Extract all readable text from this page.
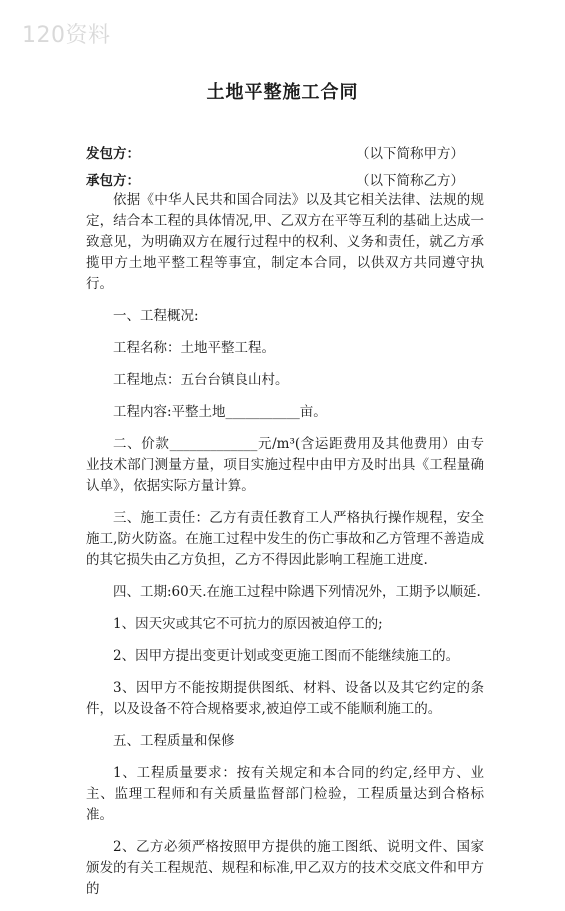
120资料
土地平整施工合同
发包方：	（以下简称甲方）
承包方：	（以下简称乙方）

依据《中华人民共和国合同法》以及其它相关法律、法规的规定，结合本工程的具体情况,甲、乙双方在平等互利的基础上达成一致意见，为明确双方在履行过程中的权利、义务和责任，就乙方承揽甲方土地平整工程等事宜，制定本合同，以供双方共同遵守执行。

一、工程概况:

工程名称：土地平整工程。

工程地点：五台台镇良山村。

工程内容:平整土地___________亩。

二、价款_____________元/m³(含运距费用及其他费用）由专业技术部门测量方量，项目实施过程中由甲方及时出具《工程量确认单》，依据实际方量计算。

三、施工责任：乙方有责任教育工人严格执行操作规程，安全施工,防火防盗。在施工过程中发生的伤亡事故和乙方管理不善造成的其它损失由乙方负担，乙方不得因此影响工程施工进度.

四、工期:60天.在施工过程中除遇下列情况外，工期予以顺延.

1、因天灾或其它不可抗力的原因被迫停工的;

2、因甲方提出变更计划或变更施工图而不能继续施工的。

3、因甲方不能按期提供图纸、材料、设备以及其它约定的条件，以及设备不符合规格要求,被迫停工或不能顺利施工的。

五、工程质量和保修

1、工程质量要求：按有关规定和本合同的约定,经甲方、业主、监理工程师和有关质量监督部门检验，工程质量达到合格标准。

2、乙方必须严格按照甲方提供的施工图纸、说明文件、国家颁发的有关工程规范、规程和标准,甲乙双方的技术交底文件和甲方的
